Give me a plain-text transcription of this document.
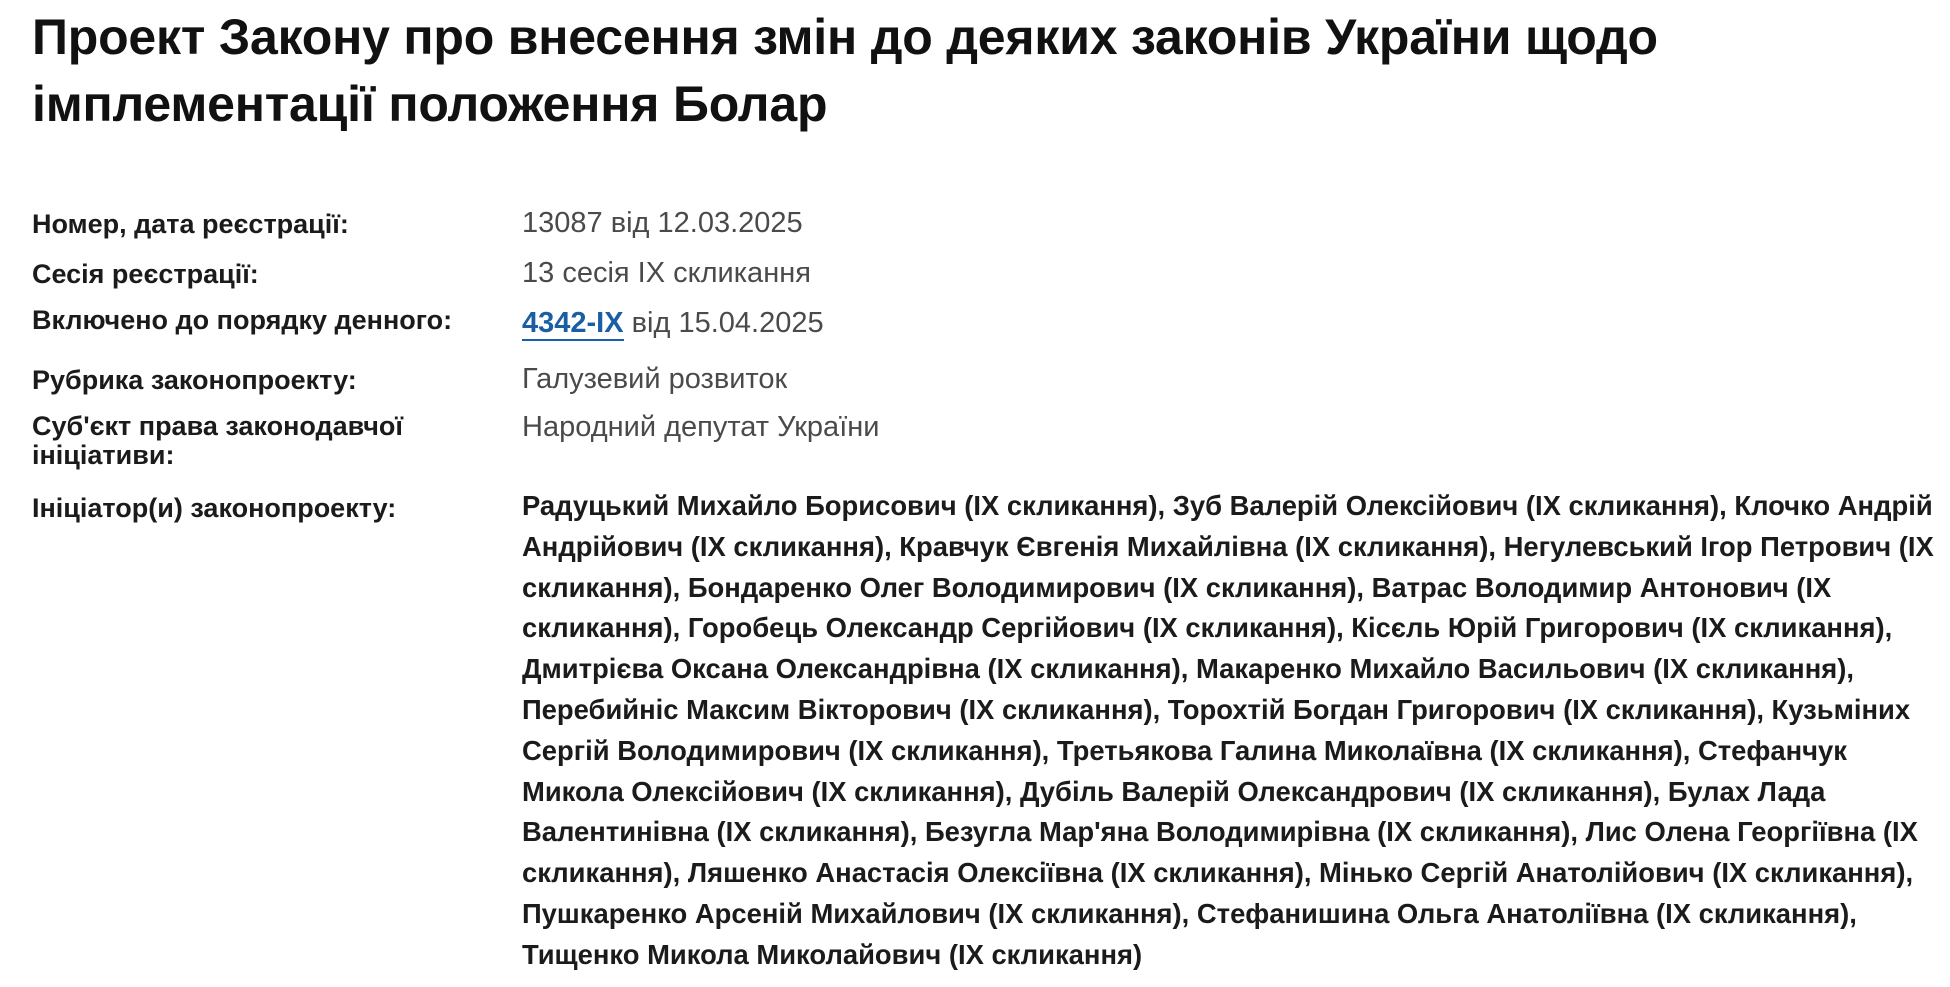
Проект Закону про внесення змін до деяких законів України щодо імплементації положення Болар
Номер, дата реєстрації:	13087 від 12.03.2025
Сесія реєстрації:	13 сесія IX скликання
Включено до порядку денного:	4342-IX від 15.04.2025
Рубрика законопроекту:	Галузевий розвиток
Суб'єкт права законодавчої ініціативи:
Народний депутат України
Ініціатор(и) законопроекту:	Радуцький Михайло Борисович (IX скликання), Зуб Валерій Олексійович (IX скликання), Клочко Андрій Андрійович (IX скликання), Кравчук Євгенія Михайлівна (IX скликання), Негулевський Ігор Петрович (IX скликання), Бондаренко Олег Володимирович (IX скликання), Ватрас Володимир Антонович (IX скликання), Горобець Олександр Сергійович (IX скликання), Кісєль Юрій Григорович (IX скликання), Дмитрієва Оксана Олександрівна (IX скликання), Макаренко Михайло Васильович (IX скликання), Перебийніс Максим Вікторович (IX скликання), Торохтій Богдан Григорович (IX скликання), Кузьміних Сергій Володимирович (IX скликання), Третьякова Галина Миколаївна (IX скликання), Стефанчук Микола Олексійович (IX скликання), Дубіль Валерій Олександрович (IX скликання), Булах Лада Валентинівна (IX скликання), Безугла Мар'яна Володимирівна (IX скликання), Лис Олена Георгіївна (IX скликання), Ляшенко Анастасія Олексіївна (IX скликання), Мінько Сергій Анатолійович (IX скликання), Пушкаренко Арсеній Михайлович (IX скликання), Стефанишина Ольга Анатоліївна (IX скликання), Тищенко Микола Миколайович (IX скликання)
